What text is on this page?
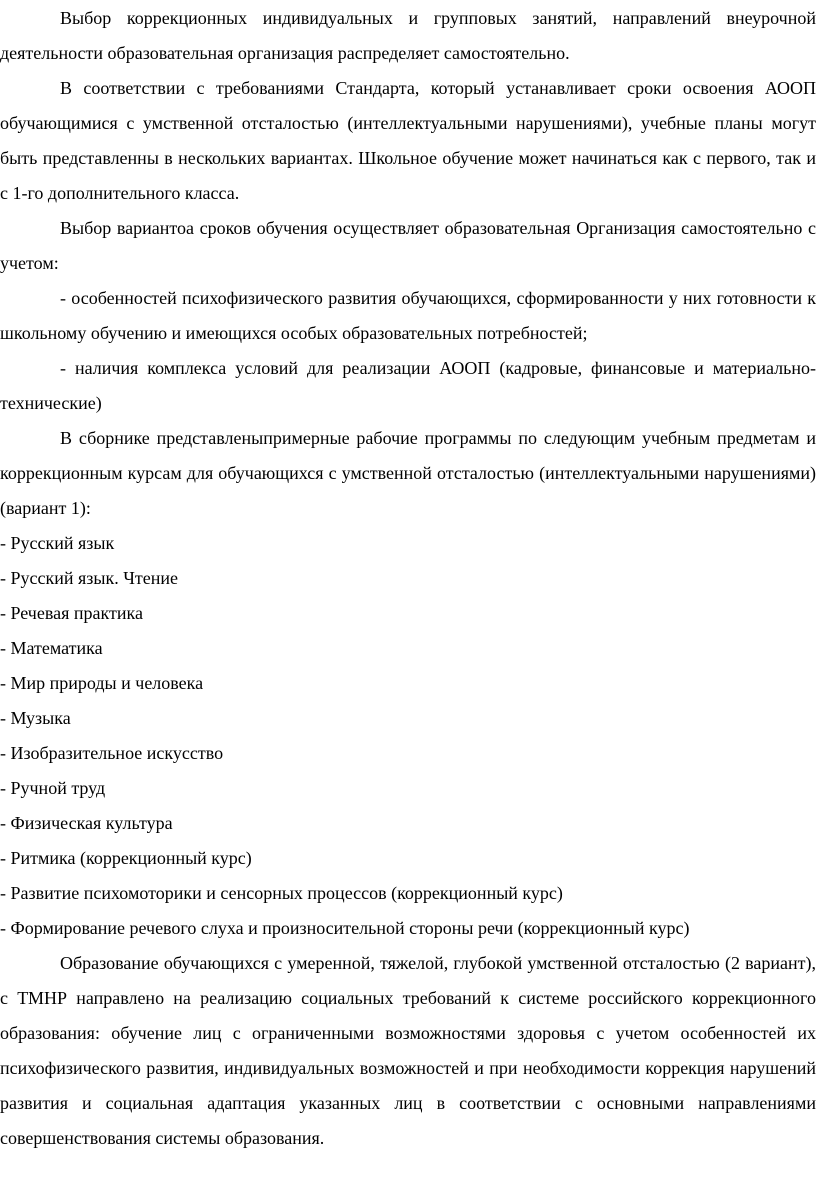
Выбор коррекционных индивидуальных и групповых занятий, направлений внеурочной деятельности образовательная организация распределяет самостоятельно.

В соответствии с требованиями Стандарта, который устанавливает сроки освоения АООП обучающимися с умственной отсталостью (интеллектуальными нарушениями), учебные планы могут быть представленны в нескольких вариантах. Школьное обучение может начинаться как с первого, так и с 1-го дополнительного класса.

Выбор вариантоа сроков обучения осуществляет образовательная Организация самостоятельно с учетом:

- особенностей психофизического развития обучающихся, сформированности у них готовности к школьному обучению и имеющихся особых образовательных потребностей;

- наличия комплекса условий для реализации АООП (кадровые, финансовые и материально-технические)

В сборнике представленыпримерные рабочие программы по следующим учебным предметам и коррекционным курсам для обучающихся с умственной отсталостью (интеллектуальными нарушениями) (вариант 1):

- Русский язык
- Русский язык. Чтение
- Речевая практика
- Математика
- Мир природы и человека
- Музыка
- Изобразительное искусство
- Ручной труд
- Физическая культура
- Ритмика (коррекционный курс)
- Развитие психомоторики и сенсорных процессов (коррекционный курс)
- Формирование речевого слуха и произносительной стороны речи (коррекционный курс)

Образование обучающихся с умеренной, тяжелой, глубокой умственной отсталостью (2 вариант), с ТМНР направлено на реализацию социальных требований к системе российского коррекционного образования: обучение лиц с ограниченными возможностями здоровья с учетом особенностей их психофизического развития, индивидуальных возможностей и при необходимости коррекция нарушений развития и социальная адаптация указанных лиц в соответствии с основными направлениями совершенствования системы образования.
